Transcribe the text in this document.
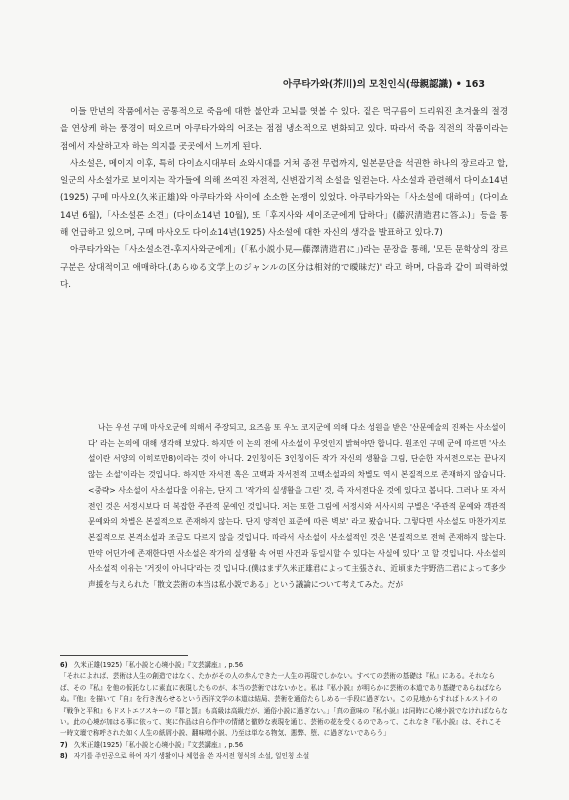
아쿠타가와(芥川)의 모친인식(母親認識) • 163

이들 만년의 작품에서는 공통적으로 죽음에 대한 불안과 고뇌를 엿볼 수 있다. 짙은 먹구름이 드리워진 초겨울의 절경을 연상케 하는 풍경이 떠오르며 아쿠타가와의 어조는 점점 냉소적으로 변화되고 있다. 따라서 죽음 직전의 작품이라는 점에서 자살하고자 하는 의지를 곳곳에서 느끼게 된다.

사소설은, 메이지 이후, 특히 다이쇼시대부터 쇼와시대를 거쳐 종전 무렵까지, 일본문단을 석권한 하나의 장르라고 할, 일군의 사소설가로 보이지는 작가들에 의해 쓰여진 자전적, 신변잡기적 소설을 일컫는다. 사소설과 관련해서 다이쇼14년(1925) 구메 마사오(久米正雄)와 아쿠타가와 사이에 소소한 논쟁이 있었다. 아쿠타가와는「사소설에 대하여」(다이쇼14년 6월),「사소설론 소견」(다이쇼14년 10월), 또「후지사와 세이조군에게 답하다」(藤沢清造君に答ふ)」등을 통해 언급하고 있으며, 구메 마사오도 다이쇼14년(1925) 사소설에 대한 자신의 생각을 발표하고 있다.7)

아쿠타가와는「사소설소견-후지사와군에게」(「私小説小見―藤澤清造君に」)라는 문장을 통해, '모든 문학상의 장르 구분은 상대적이고 애매하다.(あらゆる文学上のジャンルの区分は相対的で曖昧だ)' 라고 하며, 다음과 같이 피력하였다.

나는 우선 구메 마사오군에 의해서 주장되고, 요즈음 또 우노 코지군에 의해 다소 성원을 받은 '산문예술의 진짜는 사소설이다' 라는 논의에 대해 생각해 보았다. 하지만 이 논의 전에 사소설이 무엇인지 밝혀야만 합니다. 원조인 구메 군에 따르면 '사소설이란 서양의 이히로만8)이라는 것이 아니다. 2인칭이든 3인칭이든 작가 자신의 생활을 그림, 단순한 자서전으로는 끝나지 않는 소설'이라는 것입니다. 하지만 자서전 혹은 고백과 자서전적 고백소설과의 차별도 역시 본질적으로 존재하지 않습니다. <중략> 사소설이 사소설다울 이유는, 단지 그 '작가의 실생활을 그린' 것, 즉 자서전다운 것에 있다고 봅니다. 그러나 또 자서전인 것은 서정시보다 더 복잡한 주관적 문예인 것입니다. 저는 또한 그림에 서정시와 서사시의 구별은 '주관적 문예와 객관적 문예와의 차별은 본질적으로 존재하지 않는다. 단지 양적인 표준에 따른 벽보' 라고 봤습니다. 그렇다면 사소설도 마찬가지로 본질적으로 본격소설과 조금도 다르지 않을 것입니다. 따라서 사소설이 사소설적인 것은 '본질적으로 전혀 존재하지 않는다. 만약 어딘가에 존재한다면 사소설은 작가의 실생활 속 어떤 사건과 동일시할 수 있다는 사실에 있다' 고 할 것입니다. 사소설의 사소설적 이유는 '거짓이 아니다'라는 것 입니다.(僕はまず久米正雄君によって主張され、近頃また宇野浩二君によって多少声援を与えられた「散文芸術の本当は私小説である」という議論について考えてみた。だが

6) 久米正雄(1925)「私小説と心境小説」『文芸講座』, p.56
「それによれば、芸術は人生の創造ではなく、たかがその人の歩んできた一人生の再現でしかない。すべての芸術の基礎は『私』にある。それならば、その『私』を他の仮託なしに素直に表現したものが、本当の芸術ではないかと。私は『私小説』が明らかに芸術の本道であり基礎であらねばならぬ。『他』を描いて『自』を行き洩らせるという西洋文学の本道は結局、芸術を通俗たらしめる一手段に過ぎない。この見地からすればトルストイの『戦争と平和』もドストエフスキーの『罪と罰』も高級は高級だが、通俗小説に過ぎない。」「真の意味の『私小説』は同時に心境小説でなければならない。此の心境が加はる事に依って、実に作品は自ら作中の情緒と徹妙な表現を通じ、芸術の花を受くるのであって、これなき『私小説』は、それこそ一時文壇で称呼された如く人生の紙屑小説、翻味噌小説、乃至は単なる物気、悪弊、堕、に過ぎないであらう」
7) 久米正雄(1925)「私小説と心境小説」『文芸講座』, p.56
8) 자기를 주인공으로 하여 자기 생활이나 체험을 쓴 자서전 형식의 소설, 일인칭 소설
